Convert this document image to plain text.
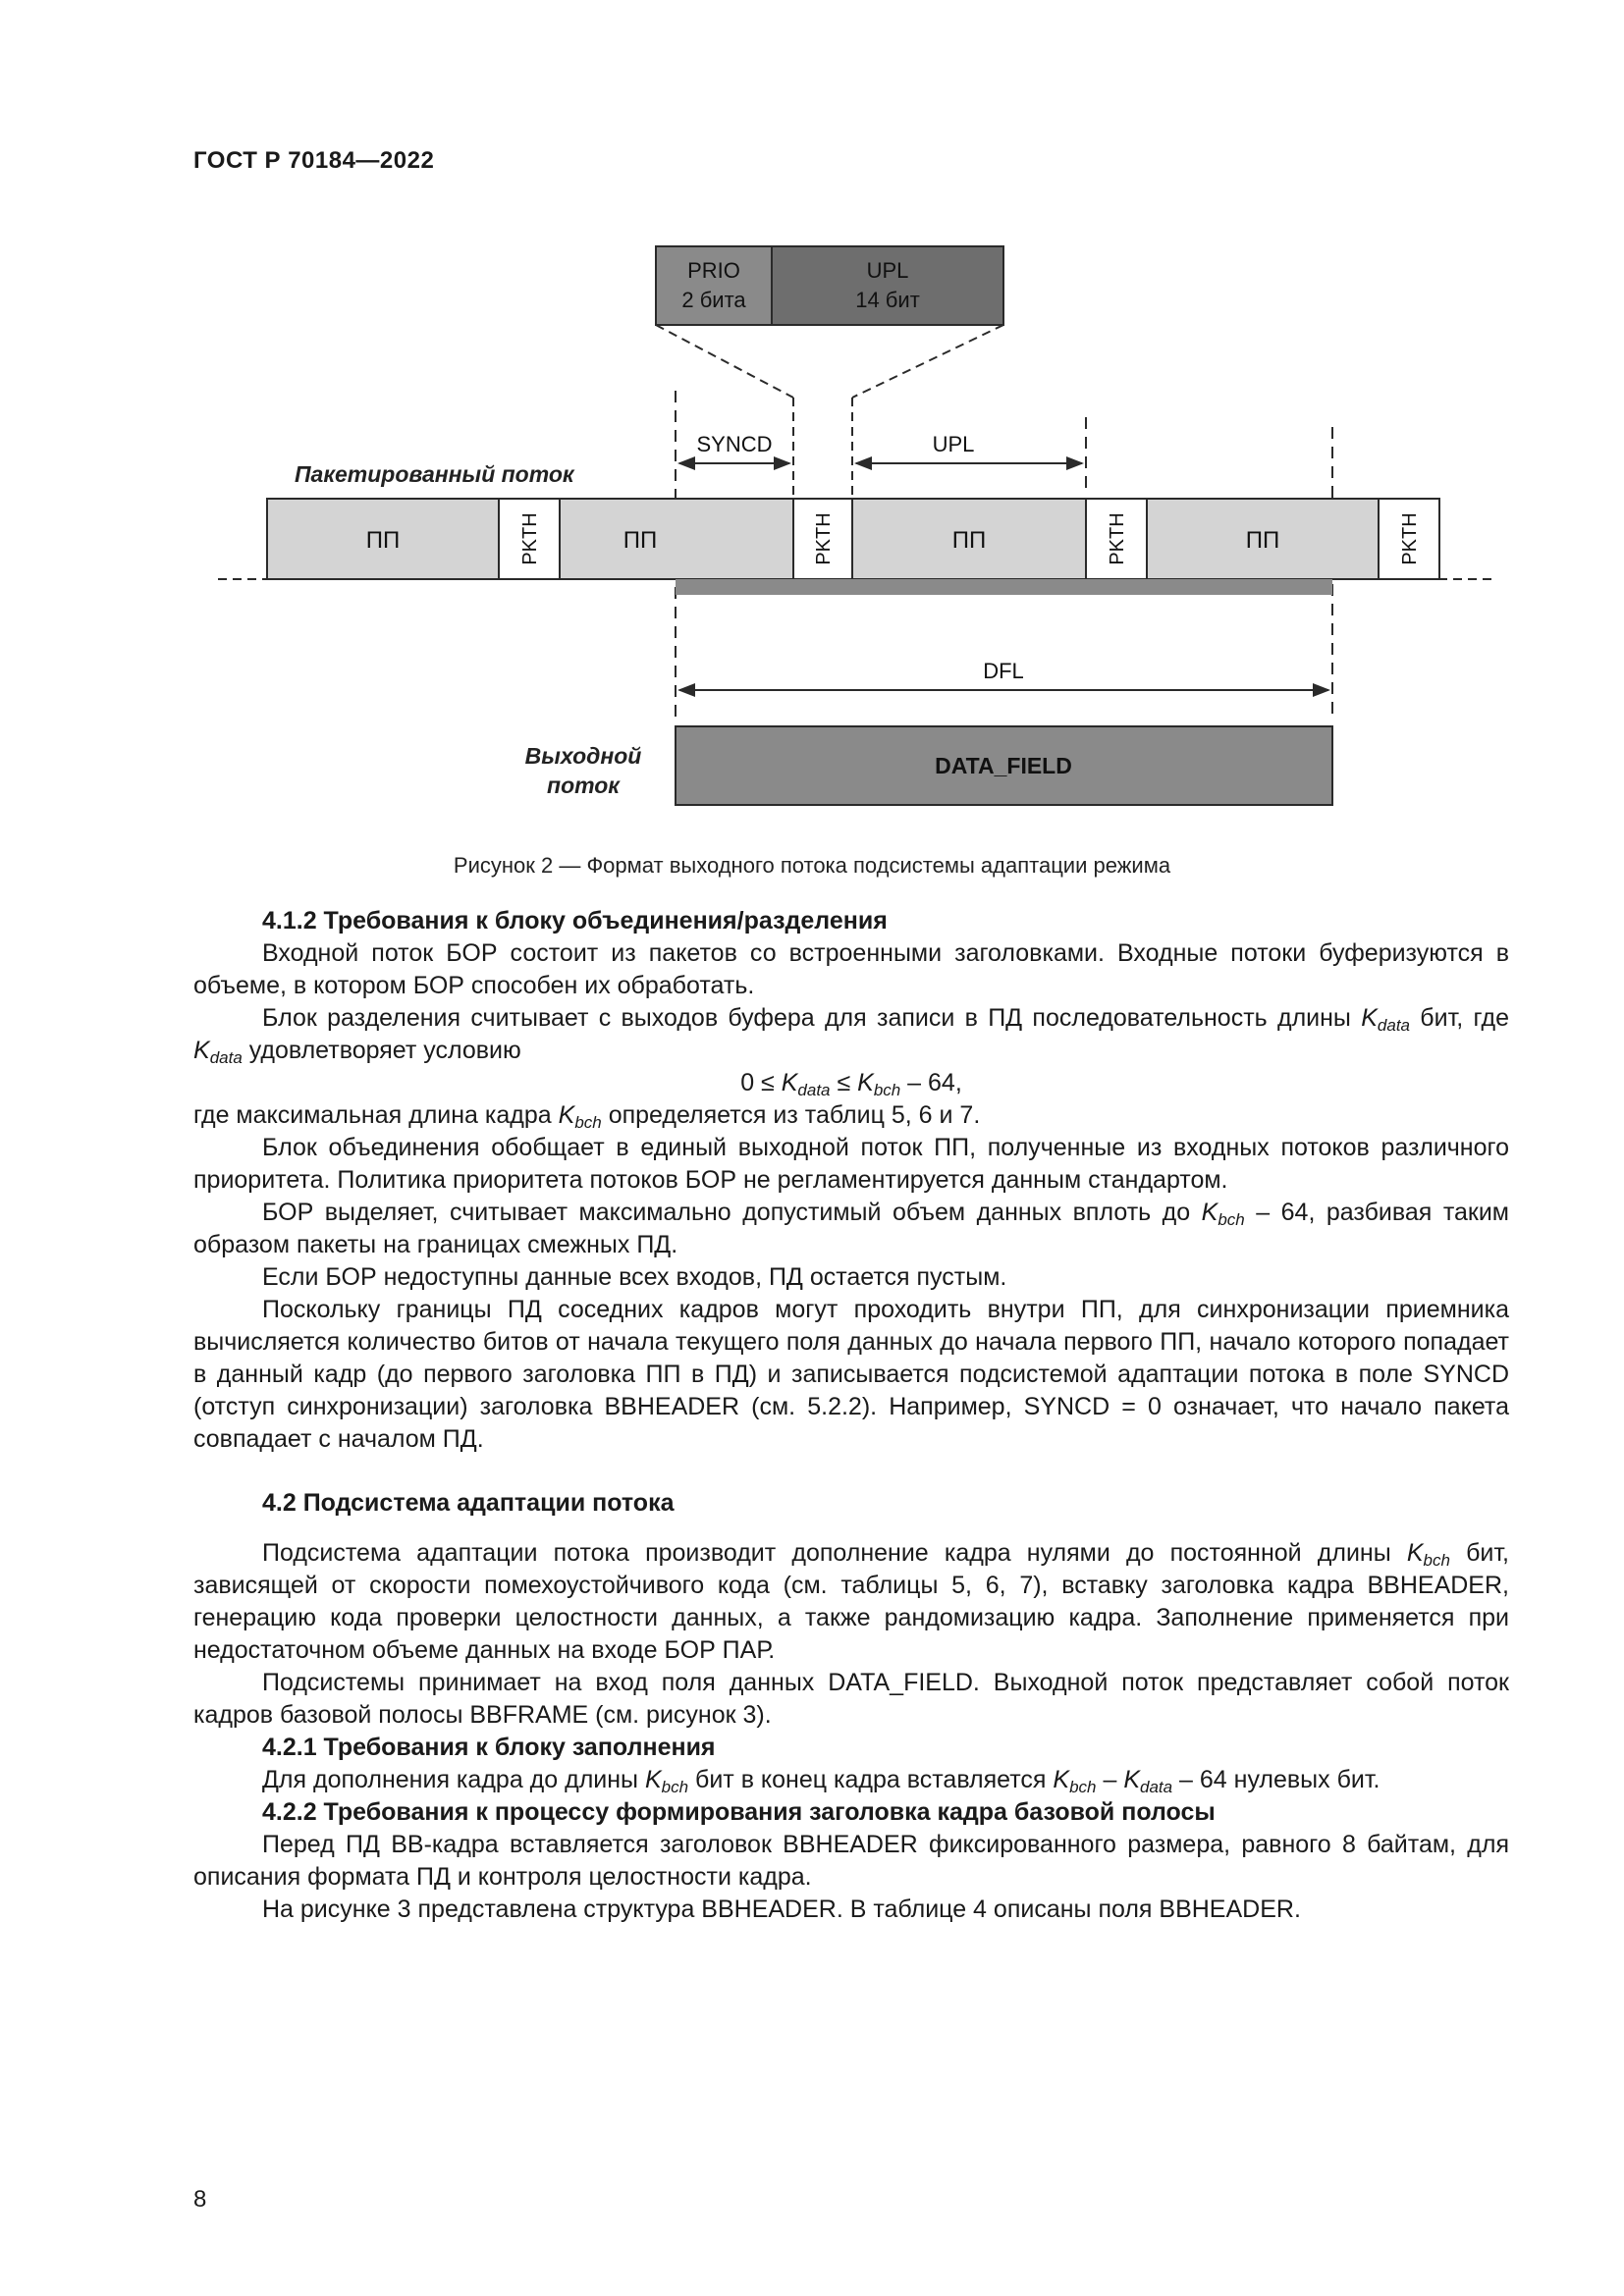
ГОСТ Р 70184—2022
PRIO
2 бита
UPL
14 бит
SYNCD	UPL
Пакетированный поток
ПП	ПП	ПП	ПП
PKTH	PKTH	PKTH	PKTH
DFL
Выходной
поток
DATA_FIELD
Рисунок 2 — Формат выходного потока подсистемы адаптации режима
4.1.2 Требования к блоку объединения/разделения

Входной поток БОР состоит из пакетов со встроенными заголовками. Входные потоки буферизуются в объеме, в котором БОР способен их обработать.

Блок разделения считывает с выходов буфера для записи в ПД последовательность длины $K_{data}$ бит, где $K_{data}$ удовлетворяет условию

$0 \le K_{data} \le K_{bch} - 64$,

где максимальная длина кадра $K_{bch}$ определяется из таблиц 5, 6 и 7.

Блок объединения обобщает в единый выходной поток ПП, полученные из входных потоков различного приоритета. Политика приоритета потоков БОР не регламентируется данным стандартом.

БОР выделяет, считывает максимально допустимый объем данных вплоть до $K_{bch} - 64$, разбивая таким образом пакеты на границах смежных ПД.

Если БОР недоступны данные всех входов, ПД остается пустым.

Поскольку границы ПД соседних кадров могут проходить внутри ПП, для синхронизации приемника вычисляется количество битов от начала текущего поля данных до начала первого ПП, начало которого попадает в данный кадр (до первого заголовка ПП в ПД) и записывается подсистемой адаптации потока в поле SYNCD (отступ синхронизации) заголовка BBHEADER (см. 5.2.2). Например, SYNCD = 0 означает, что начало пакета совпадает с началом ПД.

4.2 Подсистема адаптации потока

Подсистема адаптации потока производит дополнение кадра нулями до постоянной длины $K_{bch}$ бит, зависящей от скорости помехоустойчивого кода (см. таблицы 5, 6, 7), вставку заголовка кадра BBHEADER, генерацию кода проверки целостности данных, а также рандомизацию кадра. Заполнение применяется при недостаточном объеме данных на входе БОР ПАР.

Подсистемы принимает на вход поля данных DATA_FIELD. Выходной поток представляет собой поток кадров базовой полосы BBFRAME (см. рисунок 3).

4.2.1 Требования к блоку заполнения

Для дополнения кадра до длины $K_{bch}$ бит в конец кадра вставляется $K_{bch} - K_{data} - 64$ нулевых бит.

4.2.2 Требования к процессу формирования заголовка кадра базовой полосы

Перед ПД BB-кадра вставляется заголовок BBHEADER фиксированного размера, равного 8 байтам, для описания формата ПД и контроля целостности кадра.

На рисунке 3 представлена структура BBHEADER. В таблице 4 описаны поля BBHEADER.

8
